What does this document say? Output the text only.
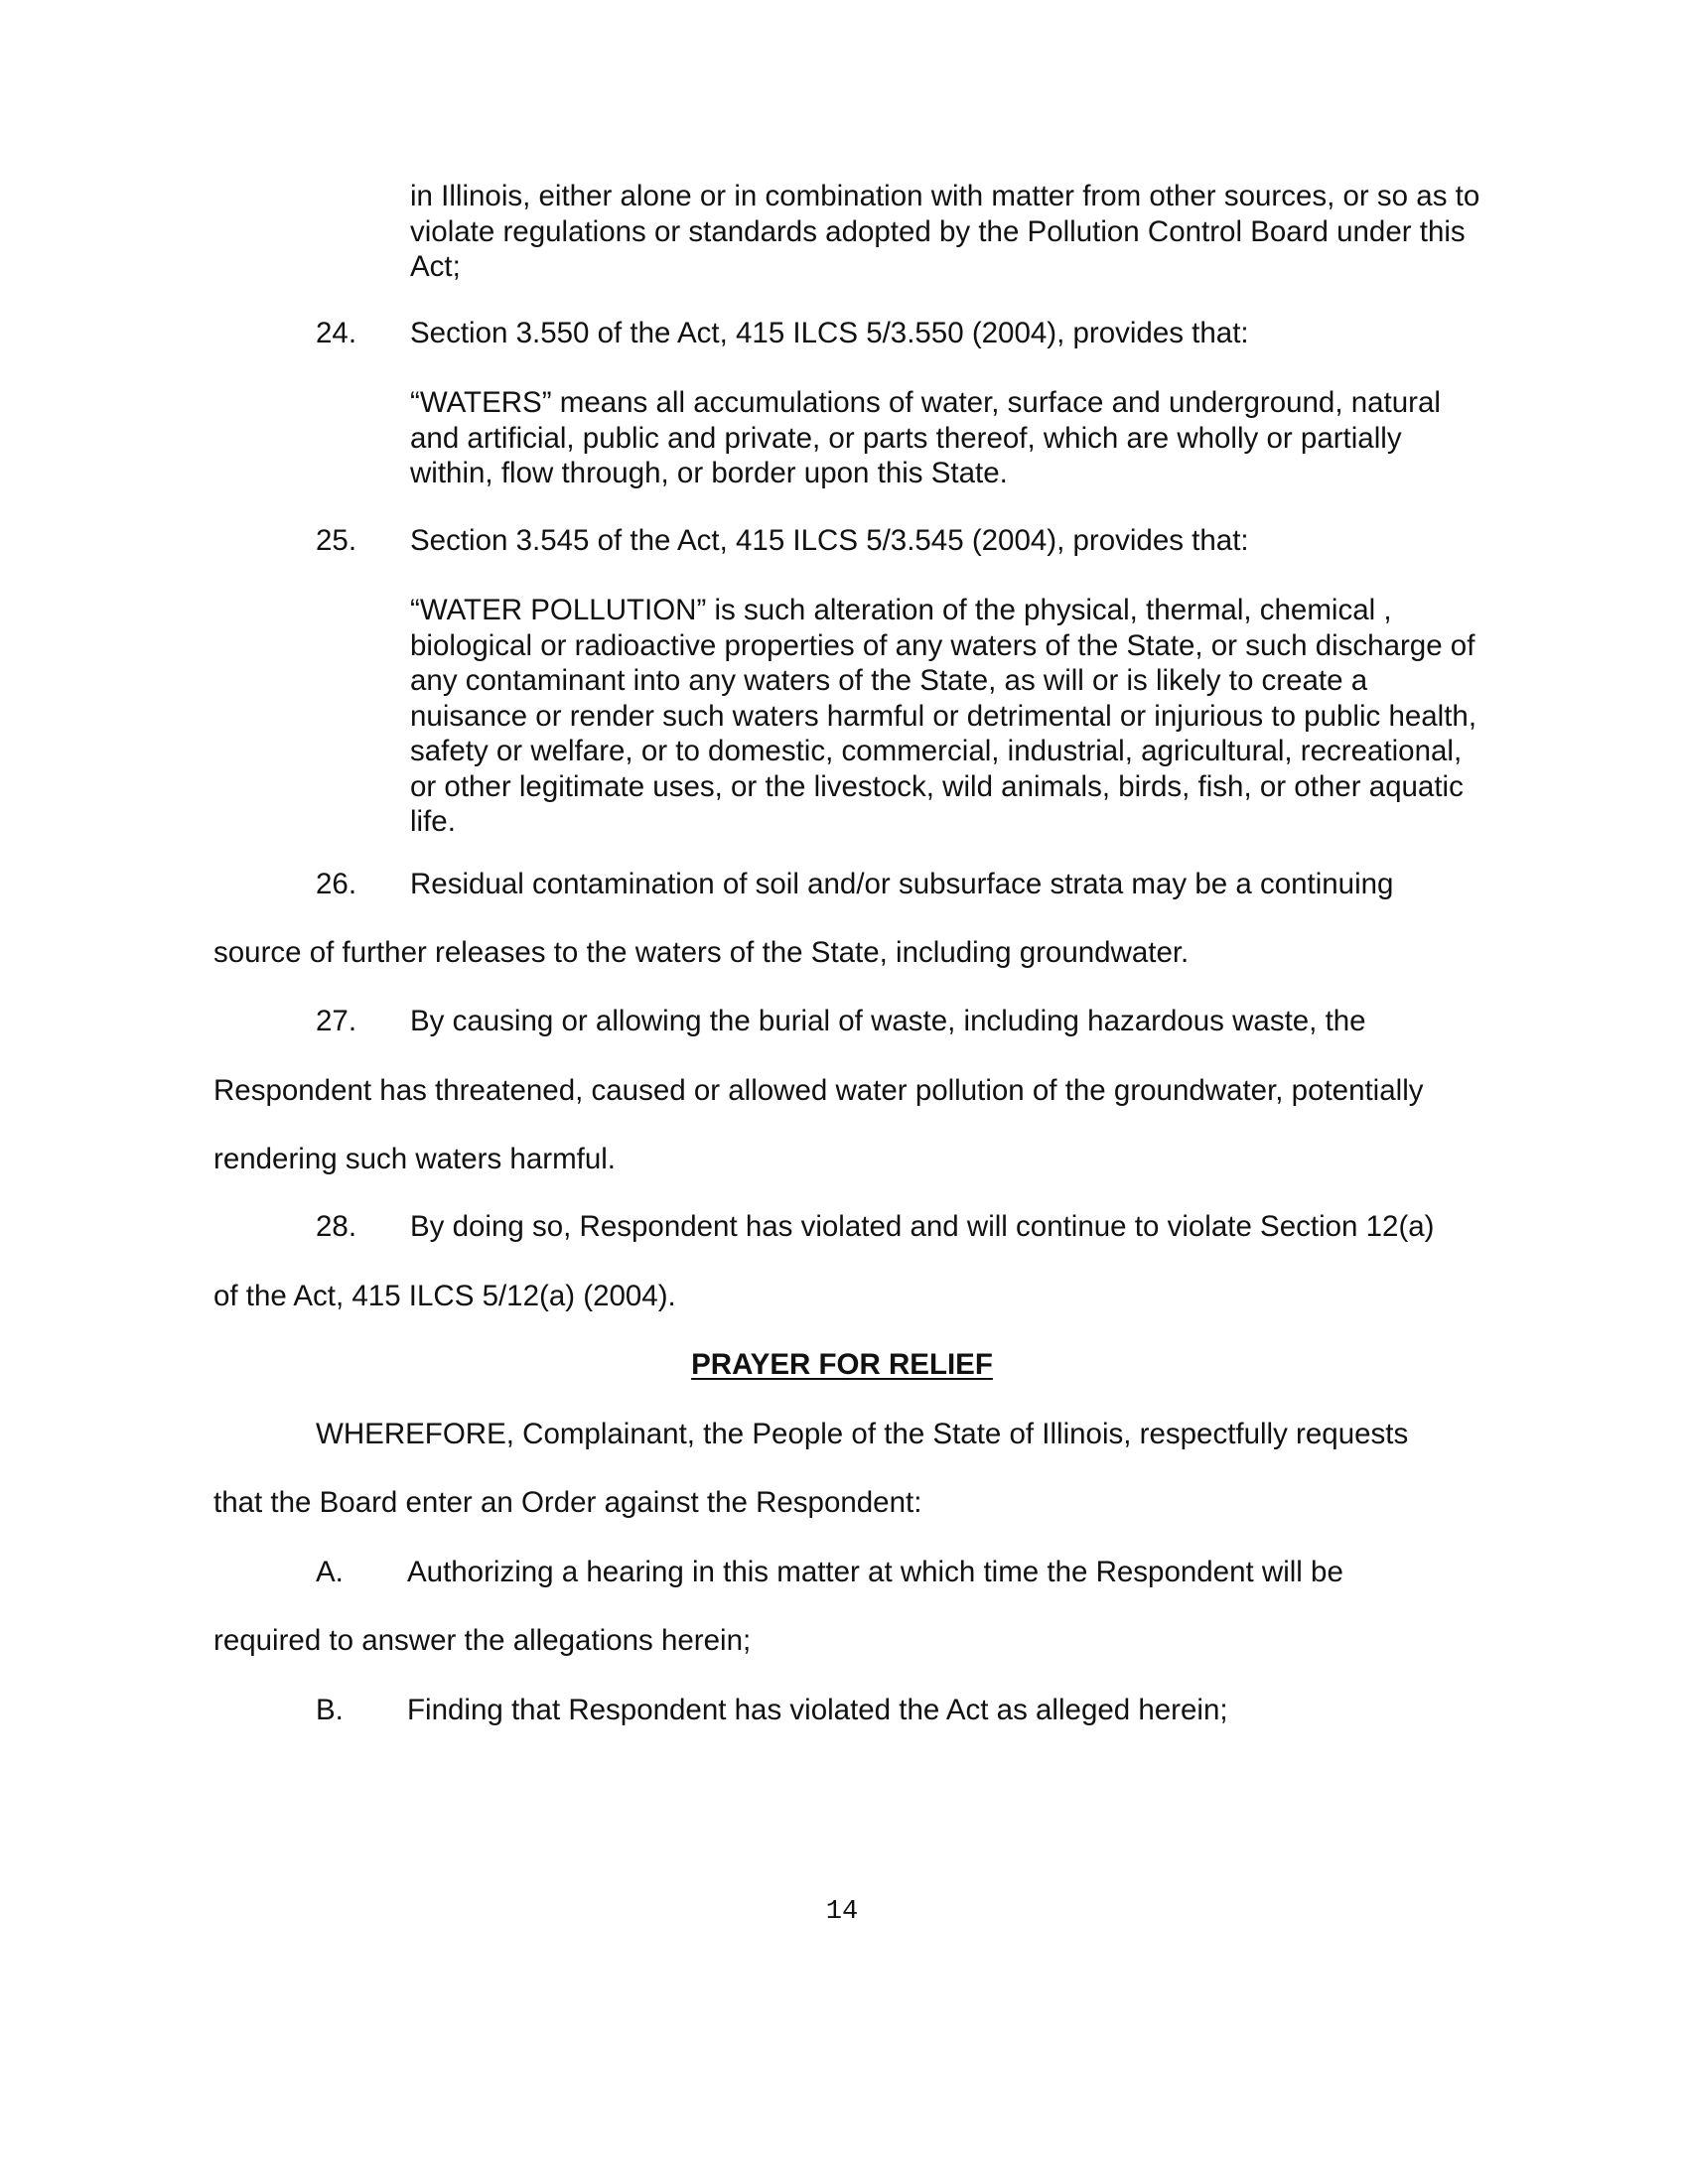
in Illinois, either alone or in combination with matter from other sources, or so as to violate regulations or standards adopted by the Pollution Control Board under this Act;

24. Section 3.550 of the Act, 415 ILCS 5/3.550 (2004), provides that:

“WATERS” means all accumulations of water, surface and underground, natural and artificial, public and private, or parts thereof, which are wholly or partially within, flow through, or border upon this State.

25. Section 3.545 of the Act, 415 ILCS 5/3.545 (2004), provides that:

“WATER POLLUTION” is such alteration of the physical, thermal, chemical , biological or radioactive properties of any waters of the State, or such discharge of any contaminant into any waters of the State, as will or is likely to create a nuisance or render such waters harmful or detrimental or injurious to public health, safety or welfare, or to domestic, commercial, industrial, agricultural, recreational, or other legitimate uses, or the livestock, wild animals, birds, fish, or other aquatic life.

26. Residual contamination of soil and/or subsurface strata may be a continuing
source of further releases to the waters of the State, including groundwater.
27. By causing or allowing the burial of waste, including hazardous waste, the
Respondent has threatened, caused or allowed water pollution of the groundwater, potentially
rendering such waters harmful.
28. By doing so, Respondent has violated and will continue to violate Section 12(a)
of the Act, 415 ILCS 5/12(a) (2004).
PRAYER FOR RELIEF
WHEREFORE, Complainant, the People of the State of Illinois, respectfully requests
that the Board enter an Order against the Respondent:
A. Authorizing a hearing in this matter at which time the Respondent will be
required to answer the allegations herein;
B. Finding that Respondent has violated the Act as alleged herein;
14
